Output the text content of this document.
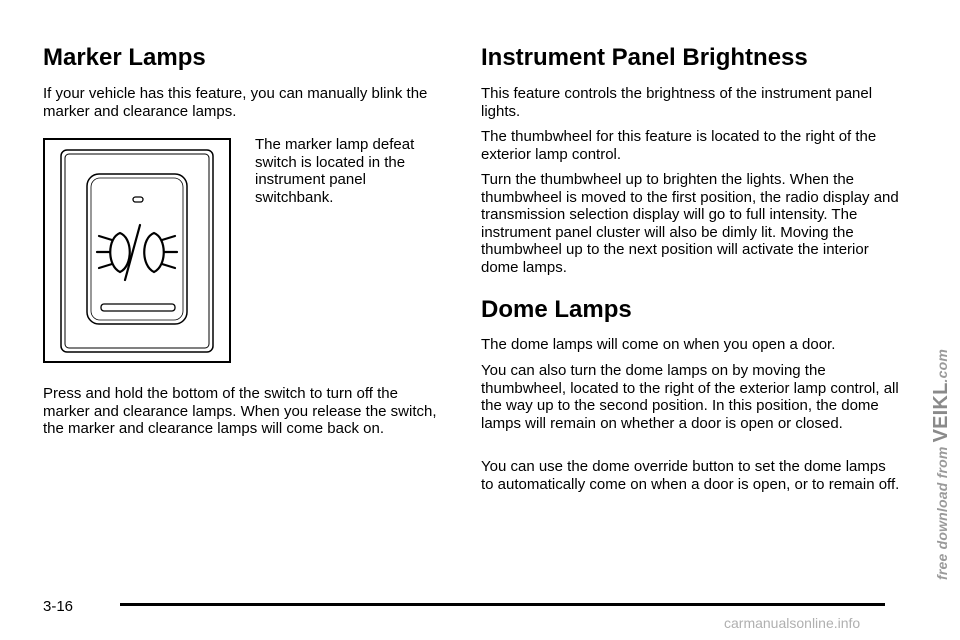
Marker Lamps

If your vehicle has this feature, you can manually blink the marker and clearance lamps.

The marker lamp defeat switch is located in the instrument panel switchbank.

Press and hold the bottom of the switch to turn off the marker and clearance lamps. When you release the switch, the marker and clearance lamps will come back on.

Instrument Panel Brightness

This feature controls the brightness of the instrument panel lights.

The thumbwheel for this feature is located to the right of the exterior lamp control.

Turn the thumbwheel up to brighten the lights. When the thumbwheel is moved to the first position, the radio display and transmission selection display will go to full intensity. The instrument panel cluster will also be dimly lit. Moving the thumbwheel up to the next position will activate the interior dome lamps.

Dome Lamps

The dome lamps will come on when you open a door.

You can also turn the dome lamps on by moving the thumbwheel, located to the right of the exterior lamp control, all the way up to the second position. In this position, the dome lamps will remain on whether a door is open or closed.

You can use the dome override button to set the dome lamps to automatically come on when a door is open, or to remain off. free download from VEIKL.com
3-16
carmanualsonline.info
